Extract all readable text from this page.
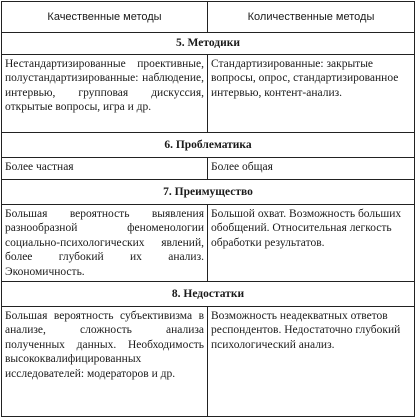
Качественные методы	Количественные методы
5. Методики	
Нестандартизированные проективные, полустандартизированные: наблюдение, интервью, групповая дискуссия, открытые вопросы, игра и др.	Стандартизированные: закрытые вопросы, опрос, стандартизированное интервью, контент-анализ.
6. Проблематика	
Более частная	Более общая
7. Преимущество	
Большая вероятность выявления разнообразной феноменологии социально-психологических явлений, более глубокий их анализ. Экономичность.	Большой охват. Возможность больших обобщений. Относительная легкость обработки результатов.
8. Недостатки	
Большая вероятность субъективизма в анализе, сложность анализа полученных данных. Необходимость высококвалифицированных исследователей: модераторов и др.	Возможность неадекватных ответов респондентов. Недостаточно глубокий психологический анализ.
